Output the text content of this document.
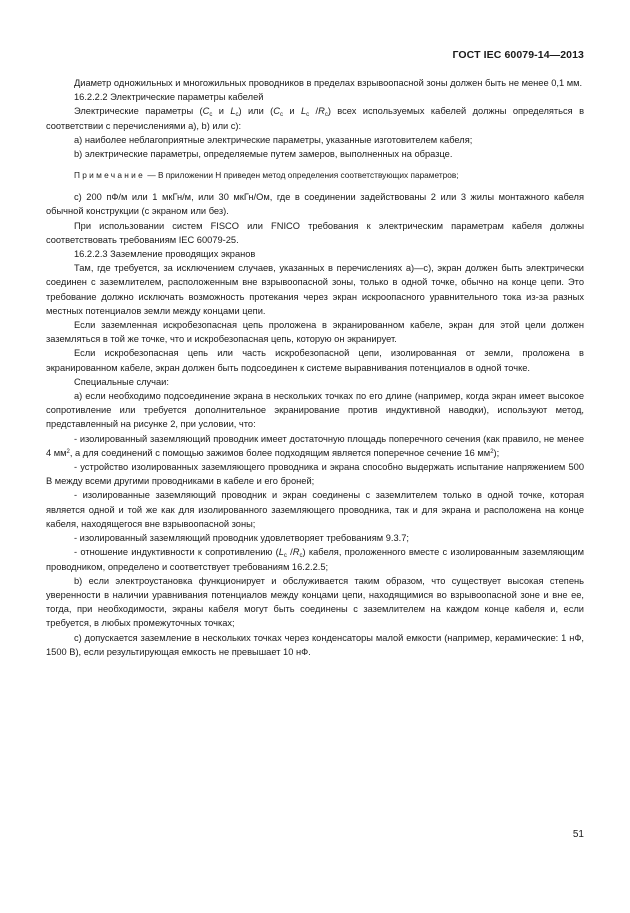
ГОСТ IEC 60079-14—2013

Диаметр одножильных и многожильных проводников в пределах взрывоопасной зоны должен быть не менее 0,1 мм.

16.2.2.2 Электрические параметры кабелей

Электрические параметры ($C_c$ и $L_c$) или ($C_c$ и $L_c$ $/R_c$) всех используемых кабелей должны определяться в соответствии с перечислениями а), b) или с):

а) наиболее неблагоприятные электрические параметры, указанные изготовителем кабеля;

b) электрические параметры, определяемые путем замеров, выполненных на образце.

Примечание — В приложении Н приведен метод определения соответствующих параметров;

с) 200 пФ/м или 1 мкГн/м, или 30 мкГн/Ом, где в соединении задействованы 2 или 3 жилы монтажного кабеля обычной конструкции (с экраном или без).

При использовании систем FISCO или FNICO требования к электрическим параметрам кабеля должны соответствовать требованиям IEC 60079-25.

16.2.2.3 Заземление проводящих экранов

Там, где требуется, за исключением случаев, указанных в перечислениях а)—с), экран должен быть электрически соединен с заземлителем, расположенным вне взрывоопасной зоны, только в одной точке, обычно на конце цепи. Это требование должно исключать возможность протекания через экран искроопасного уравнительного тока из-за разных местных потенциалов земли между концами цепи.

Если заземленная искробезопасная цепь проложена в экранированном кабеле, экран для этой цели должен заземляться в той же точке, что и искробезопасная цепь, которую он экранирует.

Если искробезопасная цепь или часть искробезопасной цепи, изолированная от земли, проложена в экранированном кабеле, экран должен быть подсоединен к системе выравнивания потенциалов в одной точке.

Специальные случаи:

а) если необходимо подсоединение экрана в нескольких точках по его длине (например, когда экран имеет высокое сопротивление или требуется дополнительное экранирование против индуктивной наводки), используют метод, представленный на рисунке 2, при условии, что:

- изолированный заземляющий проводник имеет достаточную площадь поперечного сечения (как правило, не менее 4 $мм^2$, а для соединений с помощью зажимов более подходящим является поперечное сечение 16 $мм^2$);

- устройство изолированных заземляющего проводника и экрана способно выдержать испытание напряжением 500 В между всеми другими проводниками в кабеле и его броней;

- изолированные заземляющий проводник и экран соединены с заземлителем только в одной точке, которая является одной и той же как для изолированного заземляющего проводника, так и для экрана и расположена на конце кабеля, находящегося вне взрывоопасной зоны;

- изолированный заземляющий проводник удовлетворяет требованиям 9.3.7;

- отношение индуктивности к сопротивлению ($L_c$ $/R_c$) кабеля, проложенного вместе с изолированным заземляющим проводником, определено и соответствует требованиям 16.2.2.5;

b) если электроустановка функционирует и обслуживается таким образом, что существует высокая степень уверенности в наличии уравнивания потенциалов между концами цепи, находящимися во взрывоопасной зоне и вне ее, тогда, при необходимости, экраны кабеля могут быть соединены с заземлителем на каждом конце кабеля и, если требуется, в любых промежуточных точках;

с) допускается заземление в нескольких точках через конденсаторы малой емкости (например, керамические: 1 нФ, 1500 В), если результирующая емкость не превышает 10 нФ.

51
